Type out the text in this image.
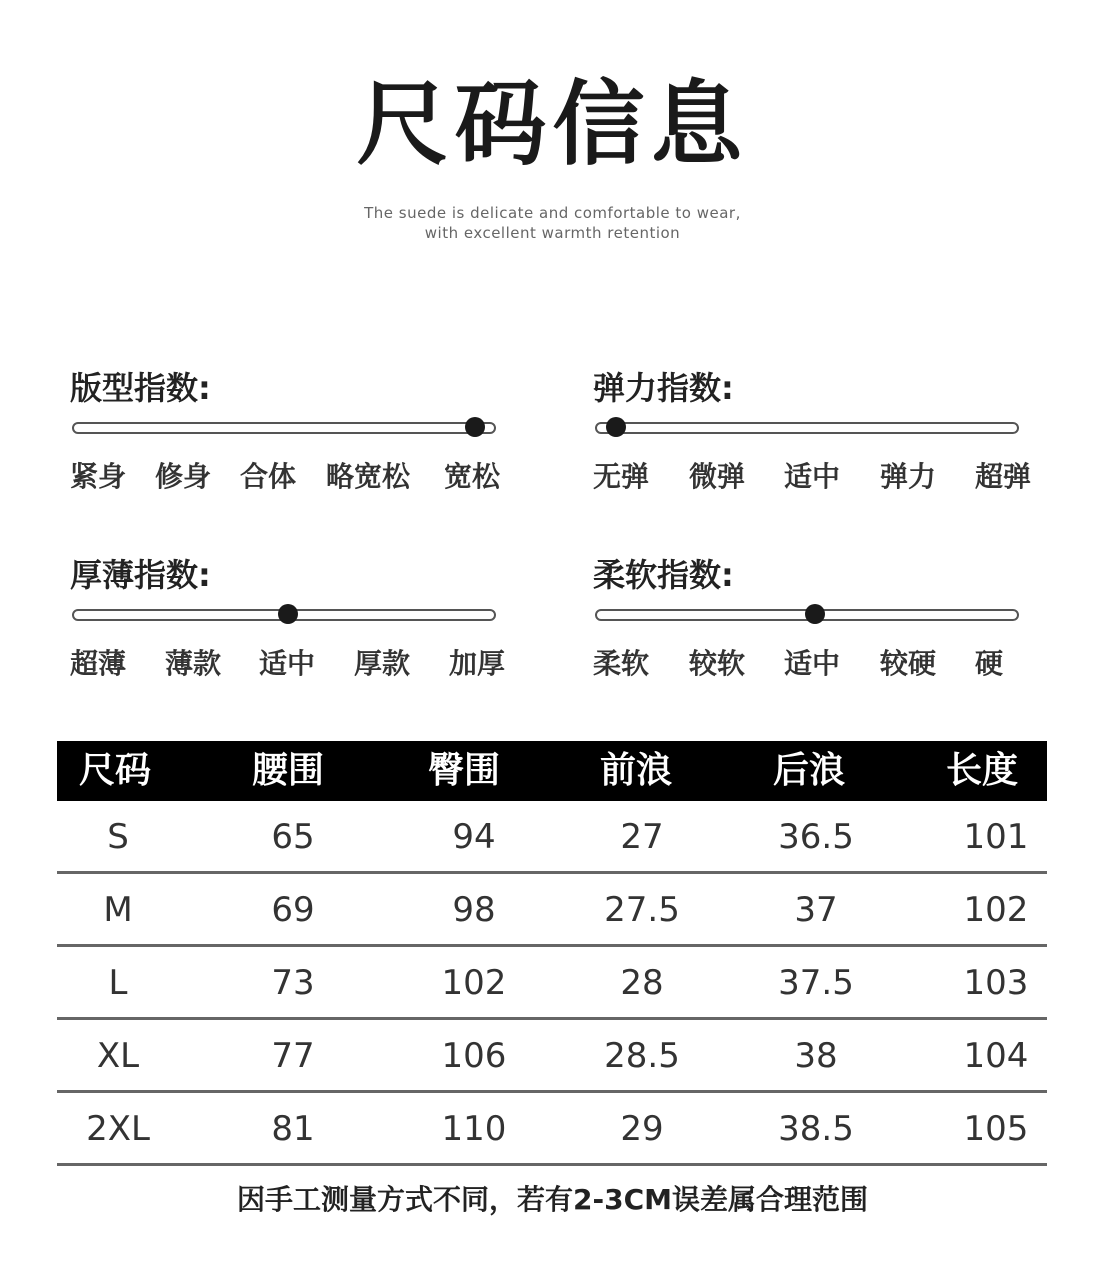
尺码信息
The suede is delicate and comfortable to wear,
with excellent warmth retention
版型指数:
紧身 修身 合体 略宽松 宽松
弹力指数:
无弹 微弹 适中 弹力 超弹
厚薄指数:
超薄 薄款 适中 厚款 加厚
柔软指数:
柔软 较软 适中 较硬 硬
尺码	腰围	臀围	前浪	后浪	长度
S	65	94	27	36.5	101
M	69	98	27.5	37	102
L	73	102	28	37.5	103
XL	77	106	28.5	38	104
2XL	81	110	29	38.5	105
因手工测量方式不同，若有2-3CM误差属合理范围
